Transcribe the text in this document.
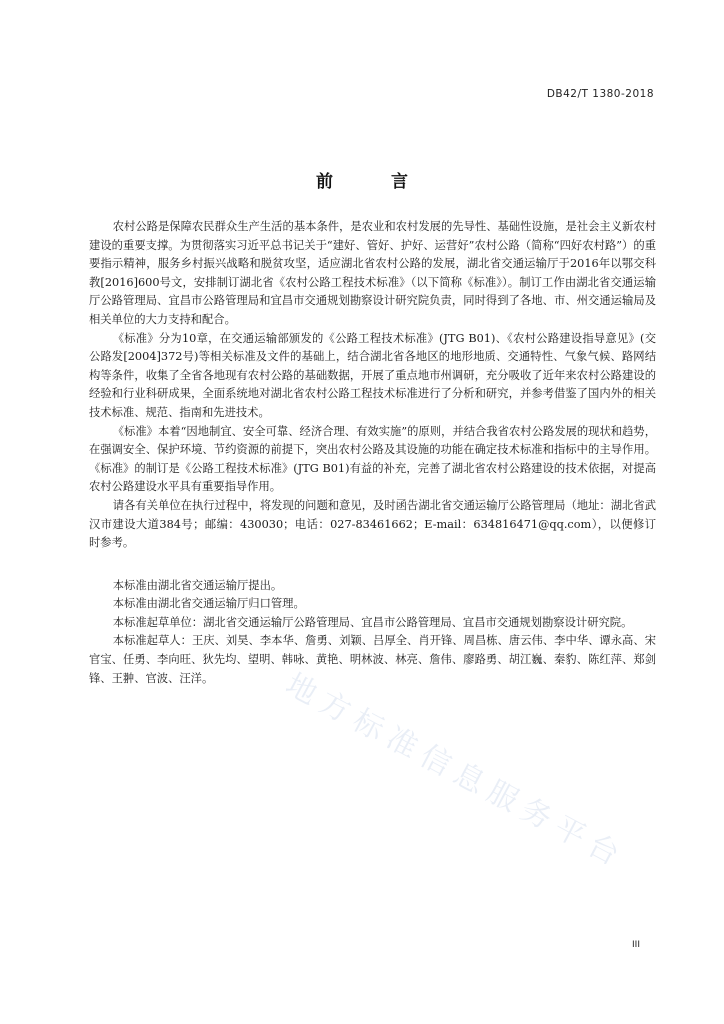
DB42/T 1380-2018
前 言

农村公路是保障农民群众生产生活的基本条件，是农业和农村发展的先导性、基础性设施，是社会主义新农村建设的重要支撑。为贯彻落实习近平总书记关于“建好、管好、护好、运营好”农村公路（简称“四好农村路”）的重要指示精神，服务乡村振兴战略和脱贫攻坚，适应湖北省农村公路的发展，湖北省交通运输厅于2016年以鄂交科教[2016]600号文，安排制订湖北省《农村公路工程技术标准》（以下简称《标准》）。制订工作由湖北省交通运输厅公路管理局、宜昌市公路管理局和宜昌市交通规划勘察设计研究院负责，同时得到了各地、市、州交通运输局及相关单位的大力支持和配合。

《标准》分为10章，在交通运输部颁发的《公路工程技术标准》(JTG B01)、《农村公路建设指导意见》(交公路发[2004]372号)等相关标准及文件的基础上，结合湖北省各地区的地形地质、交通特性、气象气候、路网结构等条件，收集了全省各地现有农村公路的基础数据，开展了重点地市州调研，充分吸收了近年来农村公路建设的经验和行业科研成果，全面系统地对湖北省农村公路工程技术标准进行了分析和研究，并参考借鉴了国内外的相关技术标准、规范、指南和先进技术。

《标准》本着“因地制宜、安全可靠、经济合理、有效实施”的原则，并结合我省农村公路发展的现状和趋势，在强调安全、保护环境、节约资源的前提下，突出农村公路及其设施的功能在确定技术标准和指标中的主导作用。《标准》的制订是《公路工程技术标准》(JTG B01)有益的补充，完善了湖北省农村公路建设的技术依据，对提高农村公路建设水平具有重要指导作用。

请各有关单位在执行过程中，将发现的问题和意见，及时函告湖北省交通运输厅公路管理局（地址：湖北省武汉市建设大道384号；邮编：430030；电话：027-83461662；E-mail：634816471@qq.com），以便修订时参考。

本标准由湖北省交通运输厅提出。

本标准由湖北省交通运输厅归口管理。

本标准起草单位：湖北省交通运输厅公路管理局、宜昌市公路管理局、宜昌市交通规划勘察设计研究院。

本标准起草人：王庆、刘昊、李本华、詹勇、刘颖、吕厚全、肖开锋、周昌栋、唐云伟、李中华、谭永高、宋官宝、任勇、李向旺、狄先均、望明、韩咏、黄艳、明林波、林亮、詹伟、廖路勇、胡江巍、秦豹、陈红萍、郑剑锋、王翀、官波、汪洋。	地方标准信息服务平台
III
